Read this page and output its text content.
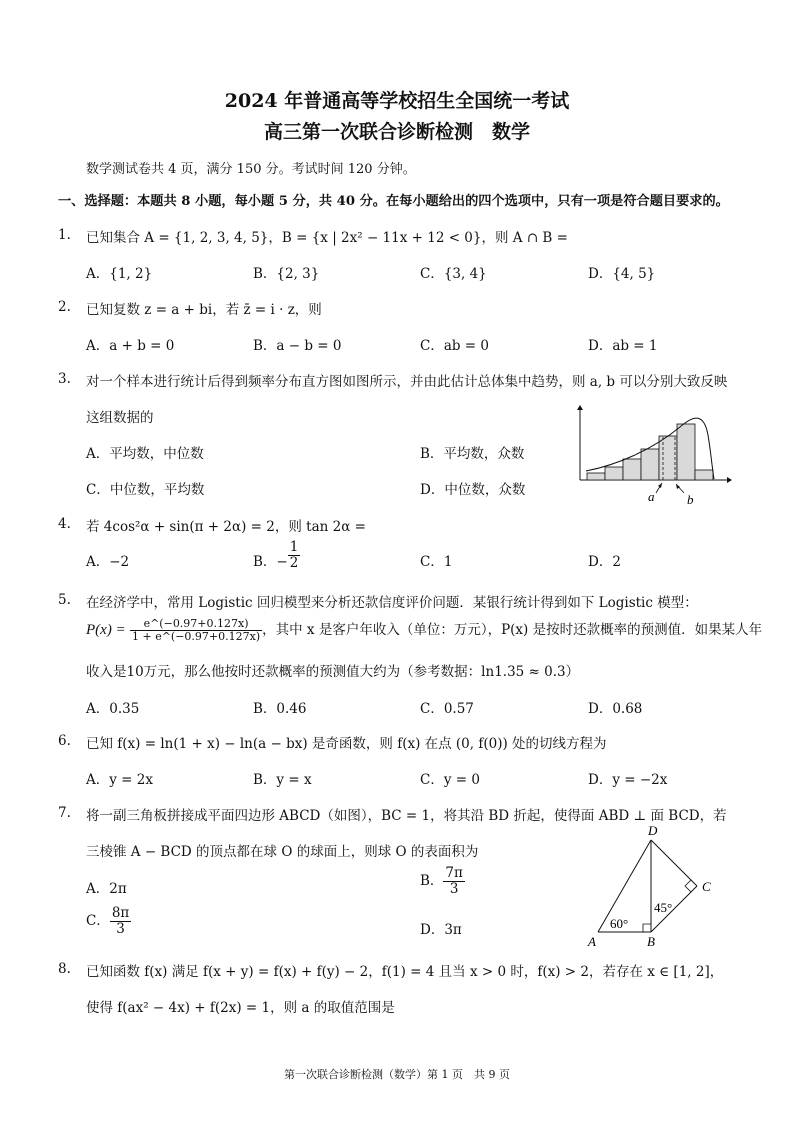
2024 年普通高等学校招生全国统一考试
高三第一次联合诊断检测　数学
数学测试卷共 4 页，满分 150 分。考试时间 120 分钟。
一、选择题：本题共 8 小题，每小题 5 分，共 40 分。在每小题给出的四个选项中，只有一项是符合题目要求的。
1. 已知集合 A = {1, 2, 3, 4, 5}，B = {x | 2x² − 11x + 12 < 0}，则 A ∩ B =
A．{1, 2}	B．{2, 3}	C．{3, 4}	D．{4, 5}
2. 已知复数 z = a + bi，若 z̄ = i · z，则
A．a + b = 0	B．a − b = 0	C．ab = 0	D．ab = 1
3. 对一个样本进行统计后得到频率分布直方图如图所示，并由此估计总体集中趋势，则 a, b 可以分别大致反映
这组数据的
A．平均数，中位数	B．平均数，众数
C．中位数，平均数	D．中位数，众数	a	b
4. 若 4cos²α + sin(π + 2α) = 2，则 tan 2α =
A．−2	B．− $\frac{1}{2}$	C．1	D．2
5. 在经济学中，常用 Logistic 回归模型来分析还款信度评价问题．某银行统计得到如下 Logistic 模型：
$P(x) = \frac{e\^{}(-0.97+0.127x)}{1 + e\^{}(-0.97+0.127x)}$ ，其中 x 是客户年收入（单位：万元），P(x) 是按时还款概率的预测值．如果某人年
收入是10万元，那么他按时还款概率的预测值大约为（参考数据：ln1.35 ≈ 0.3）
A．0.35	B．0.46	C．0.57	D．0.68
6. 已知 f(x) = ln(1 + x) − ln(a − bx) 是奇函数，则 f(x) 在点 (0, f(0)) 处的切线方程为
A．y = 2x	B．y = x	C．y = 0	D．y = −2x
7. 将一副三角板拼接成平面四边形 ABCD（如图），BC = 1，将其沿 BD 折起，使得面 ABD ⊥ 面 BCD，若
三棱锥 A − BCD 的顶点都在球 O 的球面上，则球 O 的表面积为
A．2π
B． $\frac{7\pi}{3}$
C． $\frac{8\pi}{3}$	D．3π
D
C
A	B
60°
45°
8. 已知函数 f(x) 满足 f(x + y) = f(x) + f(y) − 2，f(1) = 4 且当 x > 0 时，f(x) > 2，若存在 x ∈ [1, 2]，
使得 f(ax² − 4x) + f(2x) = 1，则 a 的取值范围是
第一次联合诊断检测（数学）第 1 页　共 9 页
